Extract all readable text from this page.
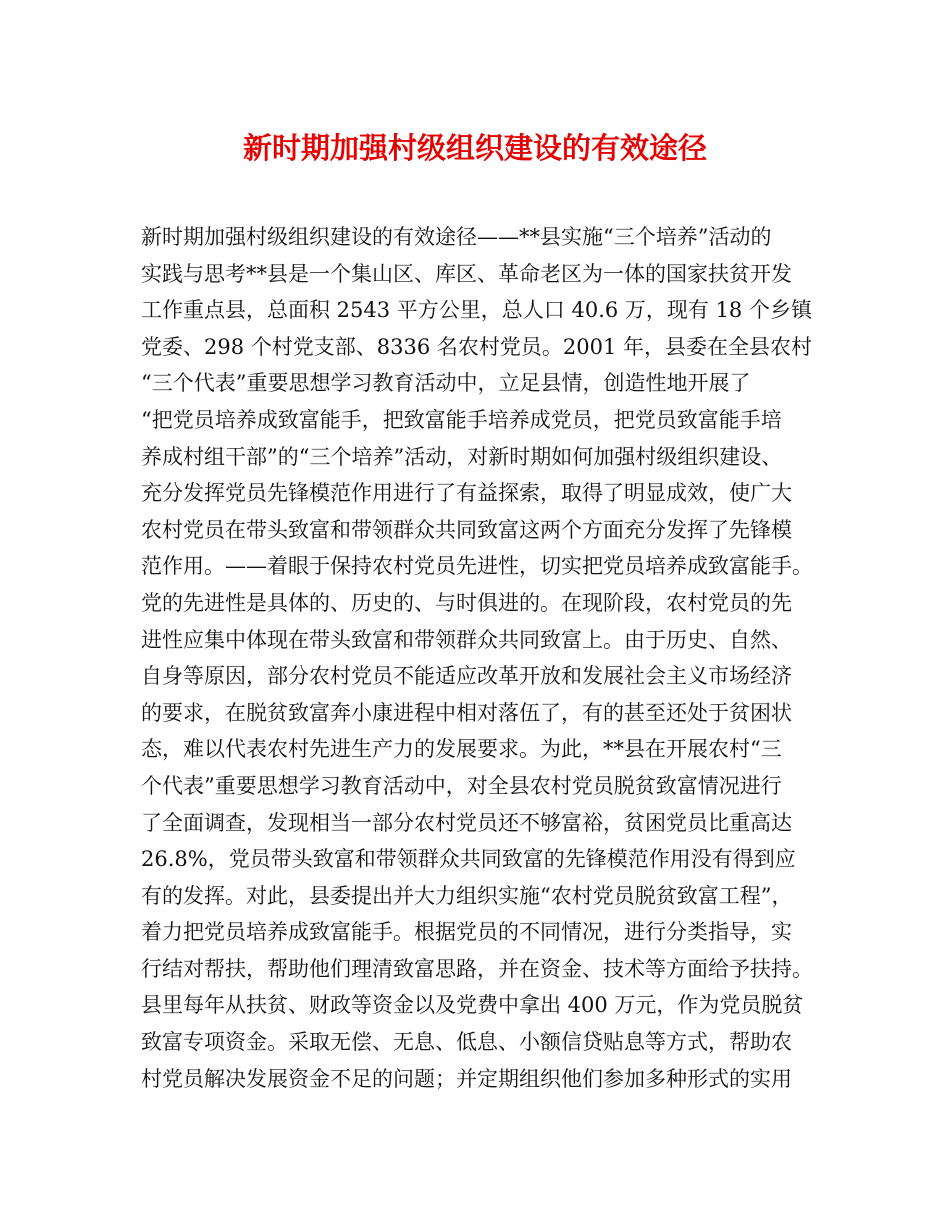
新时期加强村级组织建设的有效途径

新时期加强村级组织建设的有效途径——**县实施“三个培养”活动的

实践与思考**县是一个集山区、库区、革命老区为一体的国家扶贫开发

工作重点县，总面积 2543 平方公里，总人口 40.6 万，现有 18 个乡镇

党委、298 个村党支部、8336 名农村党员。2001 年，县委在全县农村

“三个代表”重要思想学习教育活动中，立足县情，创造性地开展了

“把党员培养成致富能手，把致富能手培养成党员，把党员致富能手培

养成村组干部”的“三个培养”活动，对新时期如何加强村级组织建设、

充分发挥党员先锋模范作用进行了有益探索，取得了明显成效，使广大

农村党员在带头致富和带领群众共同致富这两个方面充分发挥了先锋模

范作用。——着眼于保持农村党员先进性，切实把党员培养成致富能手。

党的先进性是具体的、历史的、与时俱进的。在现阶段，农村党员的先

进性应集中体现在带头致富和带领群众共同致富上。由于历史、自然、

自身等原因，部分农村党员不能适应改革开放和发展社会主义市场经济

的要求，在脱贫致富奔小康进程中相对落伍了，有的甚至还处于贫困状

态，难以代表农村先进生产力的发展要求。为此，**县在开展农村“三

个代表”重要思想学习教育活动中，对全县农村党员脱贫致富情况进行

了全面调查，发现相当一部分农村党员还不够富裕，贫困党员比重高达

26.8%，党员带头致富和带领群众共同致富的先锋模范作用没有得到应

有的发挥。对此，县委提出并大力组织实施“农村党员脱贫致富工程”，

着力把党员培养成致富能手。根据党员的不同情况，进行分类指导，实

行结对帮扶，帮助他们理清致富思路，并在资金、技术等方面给予扶持。

县里每年从扶贫、财政等资金以及党费中拿出 400 万元，作为党员脱贫

致富专项资金。采取无偿、无息、低息、小额信贷贴息等方式，帮助农

村党员解决发展资金不足的问题；并定期组织他们参加多种形式的实用
